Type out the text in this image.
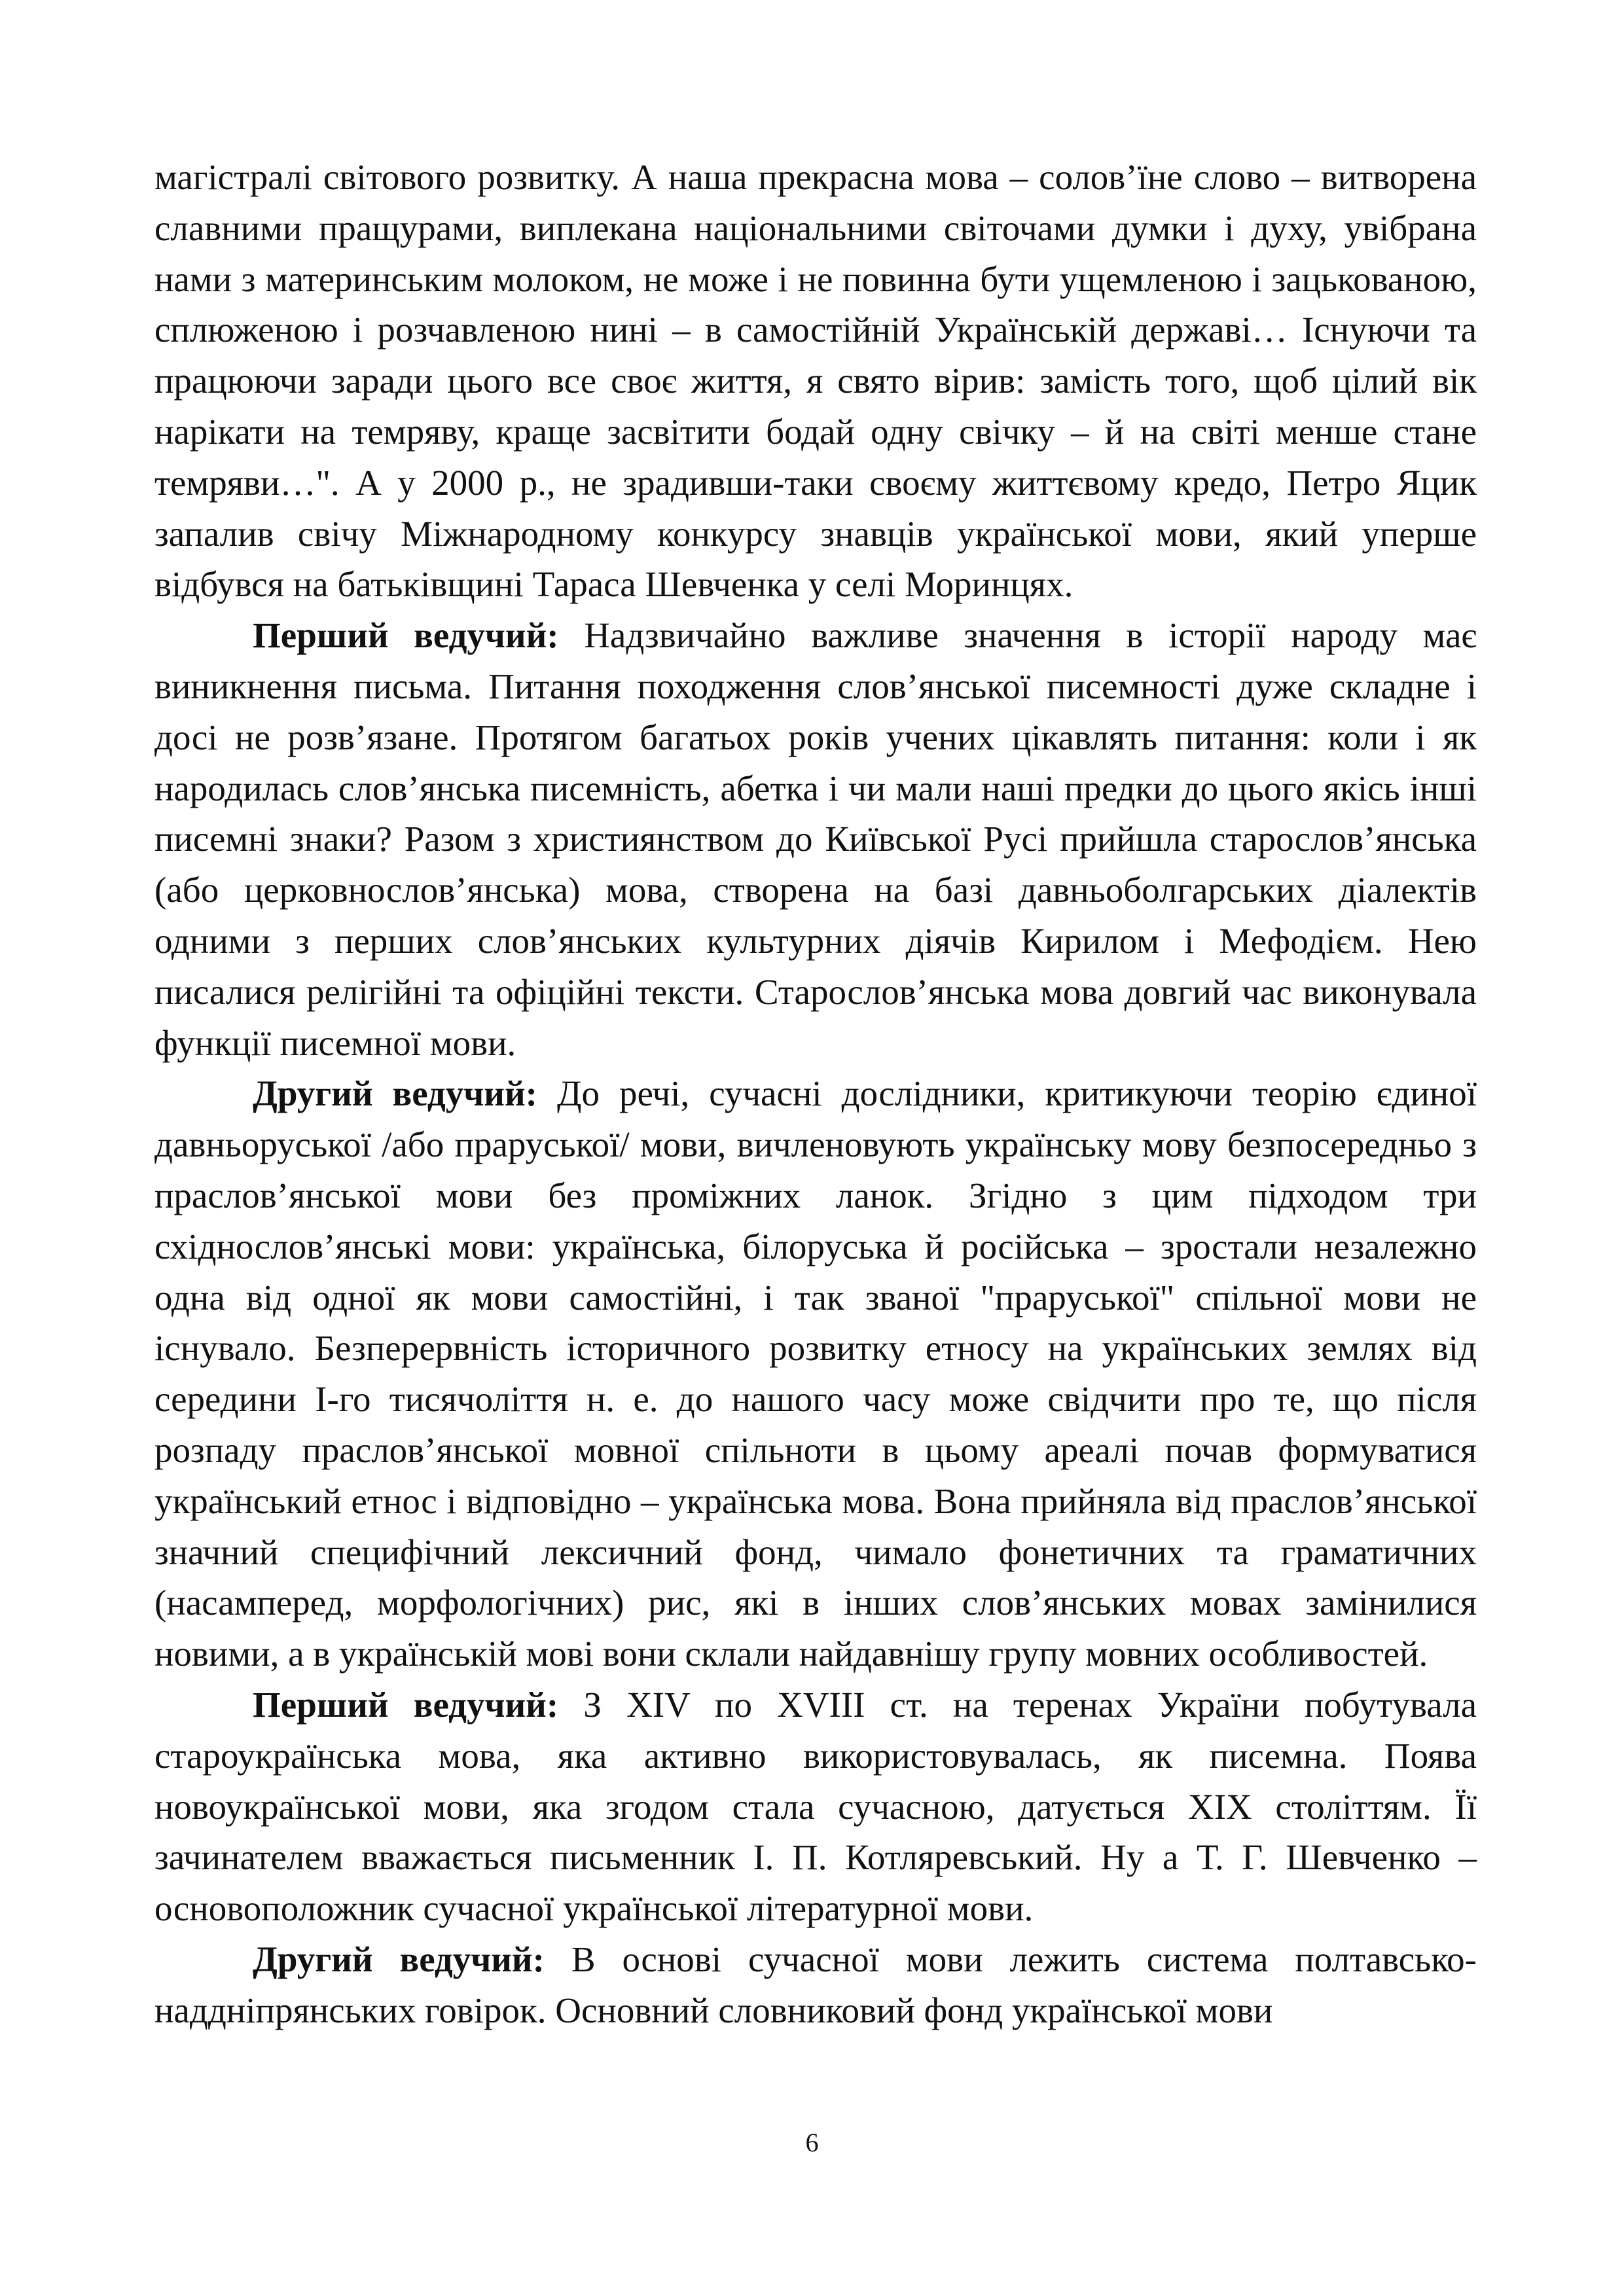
магістралі світового розвитку. А наша прекрасна мова – солов’їне слово – витворена славними пращурами, виплекана національними світочами думки і духу, увібрана нами з материнським молоком, не може і не повинна бути ущемленою і зацькованою, сплюженою і розчавленою нині – в самостійній Українській державі… Існуючи та працюючи заради цього все своє життя, я свято вірив: замість того, щоб цілий вік нарікати на темряву, краще засвітити бодай одну свічку – й на світі менше стане темряви…". А у 2000 р., не зрадивши-таки своєму життєвому кредо, Петро Яцик запалив свічу Міжнародному конкурсу знавців української мови, який уперше відбувся на батьківщині Тараса Шевченка у селі Моринцях.

Перший ведучий: Надзвичайно важливе значення в історії народу має виникнення письма. Питання походження слов’янської писемності дуже складне і досі не розв’язане. Протягом багатьох років учених цікавлять питання: коли і як народилась слов’янська писемність, абетка і чи мали наші предки до цього якісь інші писемні знаки? Разом з християнством до Київської Русі прийшла старослов’янська (або церковнослов’янська) мова, створена на базі давньоболгарських діалектів одними з перших слов’янських культурних діячів Кирилом і Мефодієм. Нею писалися релігійні та офіційні тексти. Старослов’янська мова довгий час виконувала функції писемної мови.

Другий ведучий: До речі, сучасні дослідники, критикуючи теорію єдиної давньоруської /або праруської/ мови, вичленовують українську мову безпосередньо з праслов’янської мови без проміжних ланок. Згідно з цим підходом три східнослов’янські мови: українська, білоруська й російська – зростали незалежно одна від одної як мови самостійні, і так званої "праруської" спільної мови не існувало. Безперервність історичного розвитку етносу на українських землях від середини І-го тисячоліття н. е. до нашого часу може свідчити про те, що після розпаду праслов’янської мовної спільноти в цьому ареалі почав формуватися український етнос і відповідно – українська мова. Вона прийняла від праслов’янської значний специфічний лексичний фонд, чимало фонетичних та граматичних (насамперед, морфологічних) рис, які в інших слов’янських мовах замінилися новими, а в українській мові вони склали найдавнішу групу мовних особливостей.

Перший ведучий: З XIV по XVIII ст. на теренах України побутувала староукраїнська мова, яка активно використовувалась, як писемна. Поява новоукраїнської мови, яка згодом стала сучасною, датується XIX століттям. Її зачинателем вважається письменник І. П. Котляревський. Ну а Т. Г. Шевченко – основоположник сучасної української літературної мови.

Другий ведучий: В основі сучасної мови лежить система полтавсько-наддніпрянських говірок. Основний словниковий фонд української мови

6
